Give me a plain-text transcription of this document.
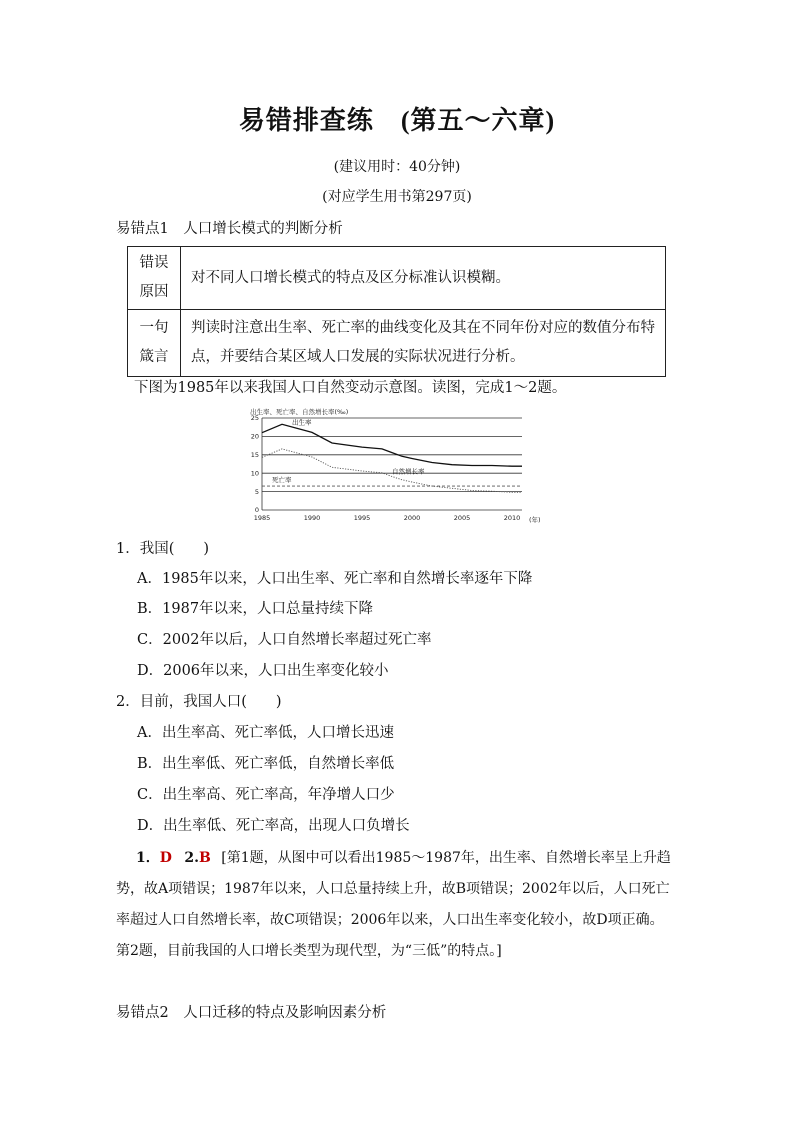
易错排查练　(第五～六章)
(建议用时：40分钟)
(对应学生用书第297页)
易错点1　人口增长模式的判断分析
错误
原因	对不同人口增长模式的特点及区分标准认识模糊。

一句
箴言	判读时注意出生率、死亡率的曲线变化及其在不同年份对应的数值分布特点，并要结合某区域人口发展的实际状况进行分析。
下图为1985年以来我国人口自然变动示意图。读图，完成1～2题。
出生率、死亡率、自然增长率(‰)
(年)
0
5
10
15
20
25
1985	1990	1995	2000	2005	2010
出生率
自然增长率
死亡率
1．我国(　　)
A．1985年以来，人口出生率、死亡率和自然增长率逐年下降
B．1987年以来，人口总量持续下降
C．2002年以后，人口自然增长率超过死亡率
D．2006年以来，人口出生率变化较小
2．目前，我国人口(　　)
A．出生率高、死亡率低，人口增长迅速
B．出生率低、死亡率低，自然增长率低
C．出生率高、死亡率高，年净增人口少
D．出生率低、死亡率高，出现人口负增长
1．D 2.B [第1题，从图中可以看出1985～1987年，出生率、自然增长率呈上升趋势，故A项错误；1987年以来，人口总量持续上升，故B项错误；2002年以后，人口死亡率超过人口自然增长率，故C项错误；2006年以来，人口出生率变化较小，故D项正确。第2题，目前我国的人口增长类型为现代型，为“三低”的特点。]
易错点2　人口迁移的特点及影响因素分析
